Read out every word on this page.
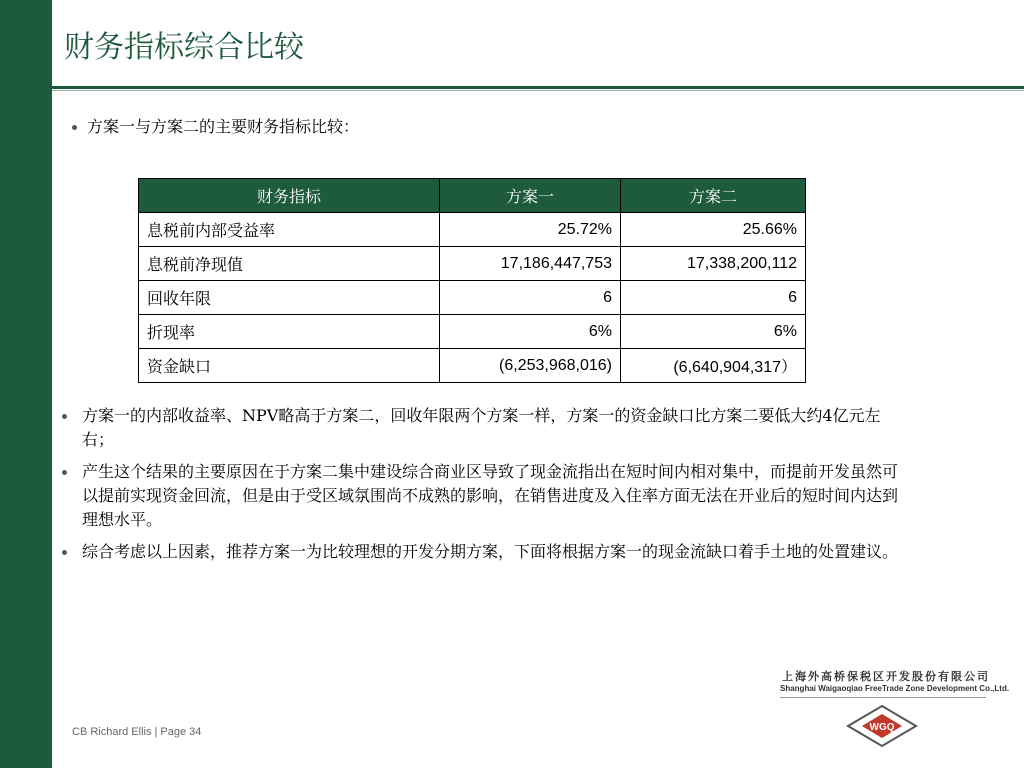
财务指标综合比较
方案一与方案二的主要财务指标比较：
财务指标	方案一	方案二
息税前内部受益率	25.72%	25.66%
息税前净现值	17,186,447,753	17,338,200,112
回收年限	6	6
折现率	6%	6%
资金缺口	(6,253,968,016)	(6,640,904,317）
方案一的内部收益率、NPV略高于方案二，回收年限两个方案一样，方案一的资金缺口比方案二要低大约4亿元左右；
产生这个结果的主要原因在于方案二集中建设综合商业区导致了现金流指出在短时间内相对集中，而提前开发虽然可以提前实现资金回流，但是由于受区域氛围尚不成熟的影响，在销售进度及入住率方面无法在开业后的短时间内达到理想水平。
综合考虑以上因素，推荐方案一为比较理想的开发分期方案，下面将根据方案一的现金流缺口着手土地的处置建议。
上海外高桥保税区开发股份有限公司
Shanghai Waigaoqiao FreeTrade Zone Development Co.,Ltd.
WGQ
CB Richard Ellis | Page 34
